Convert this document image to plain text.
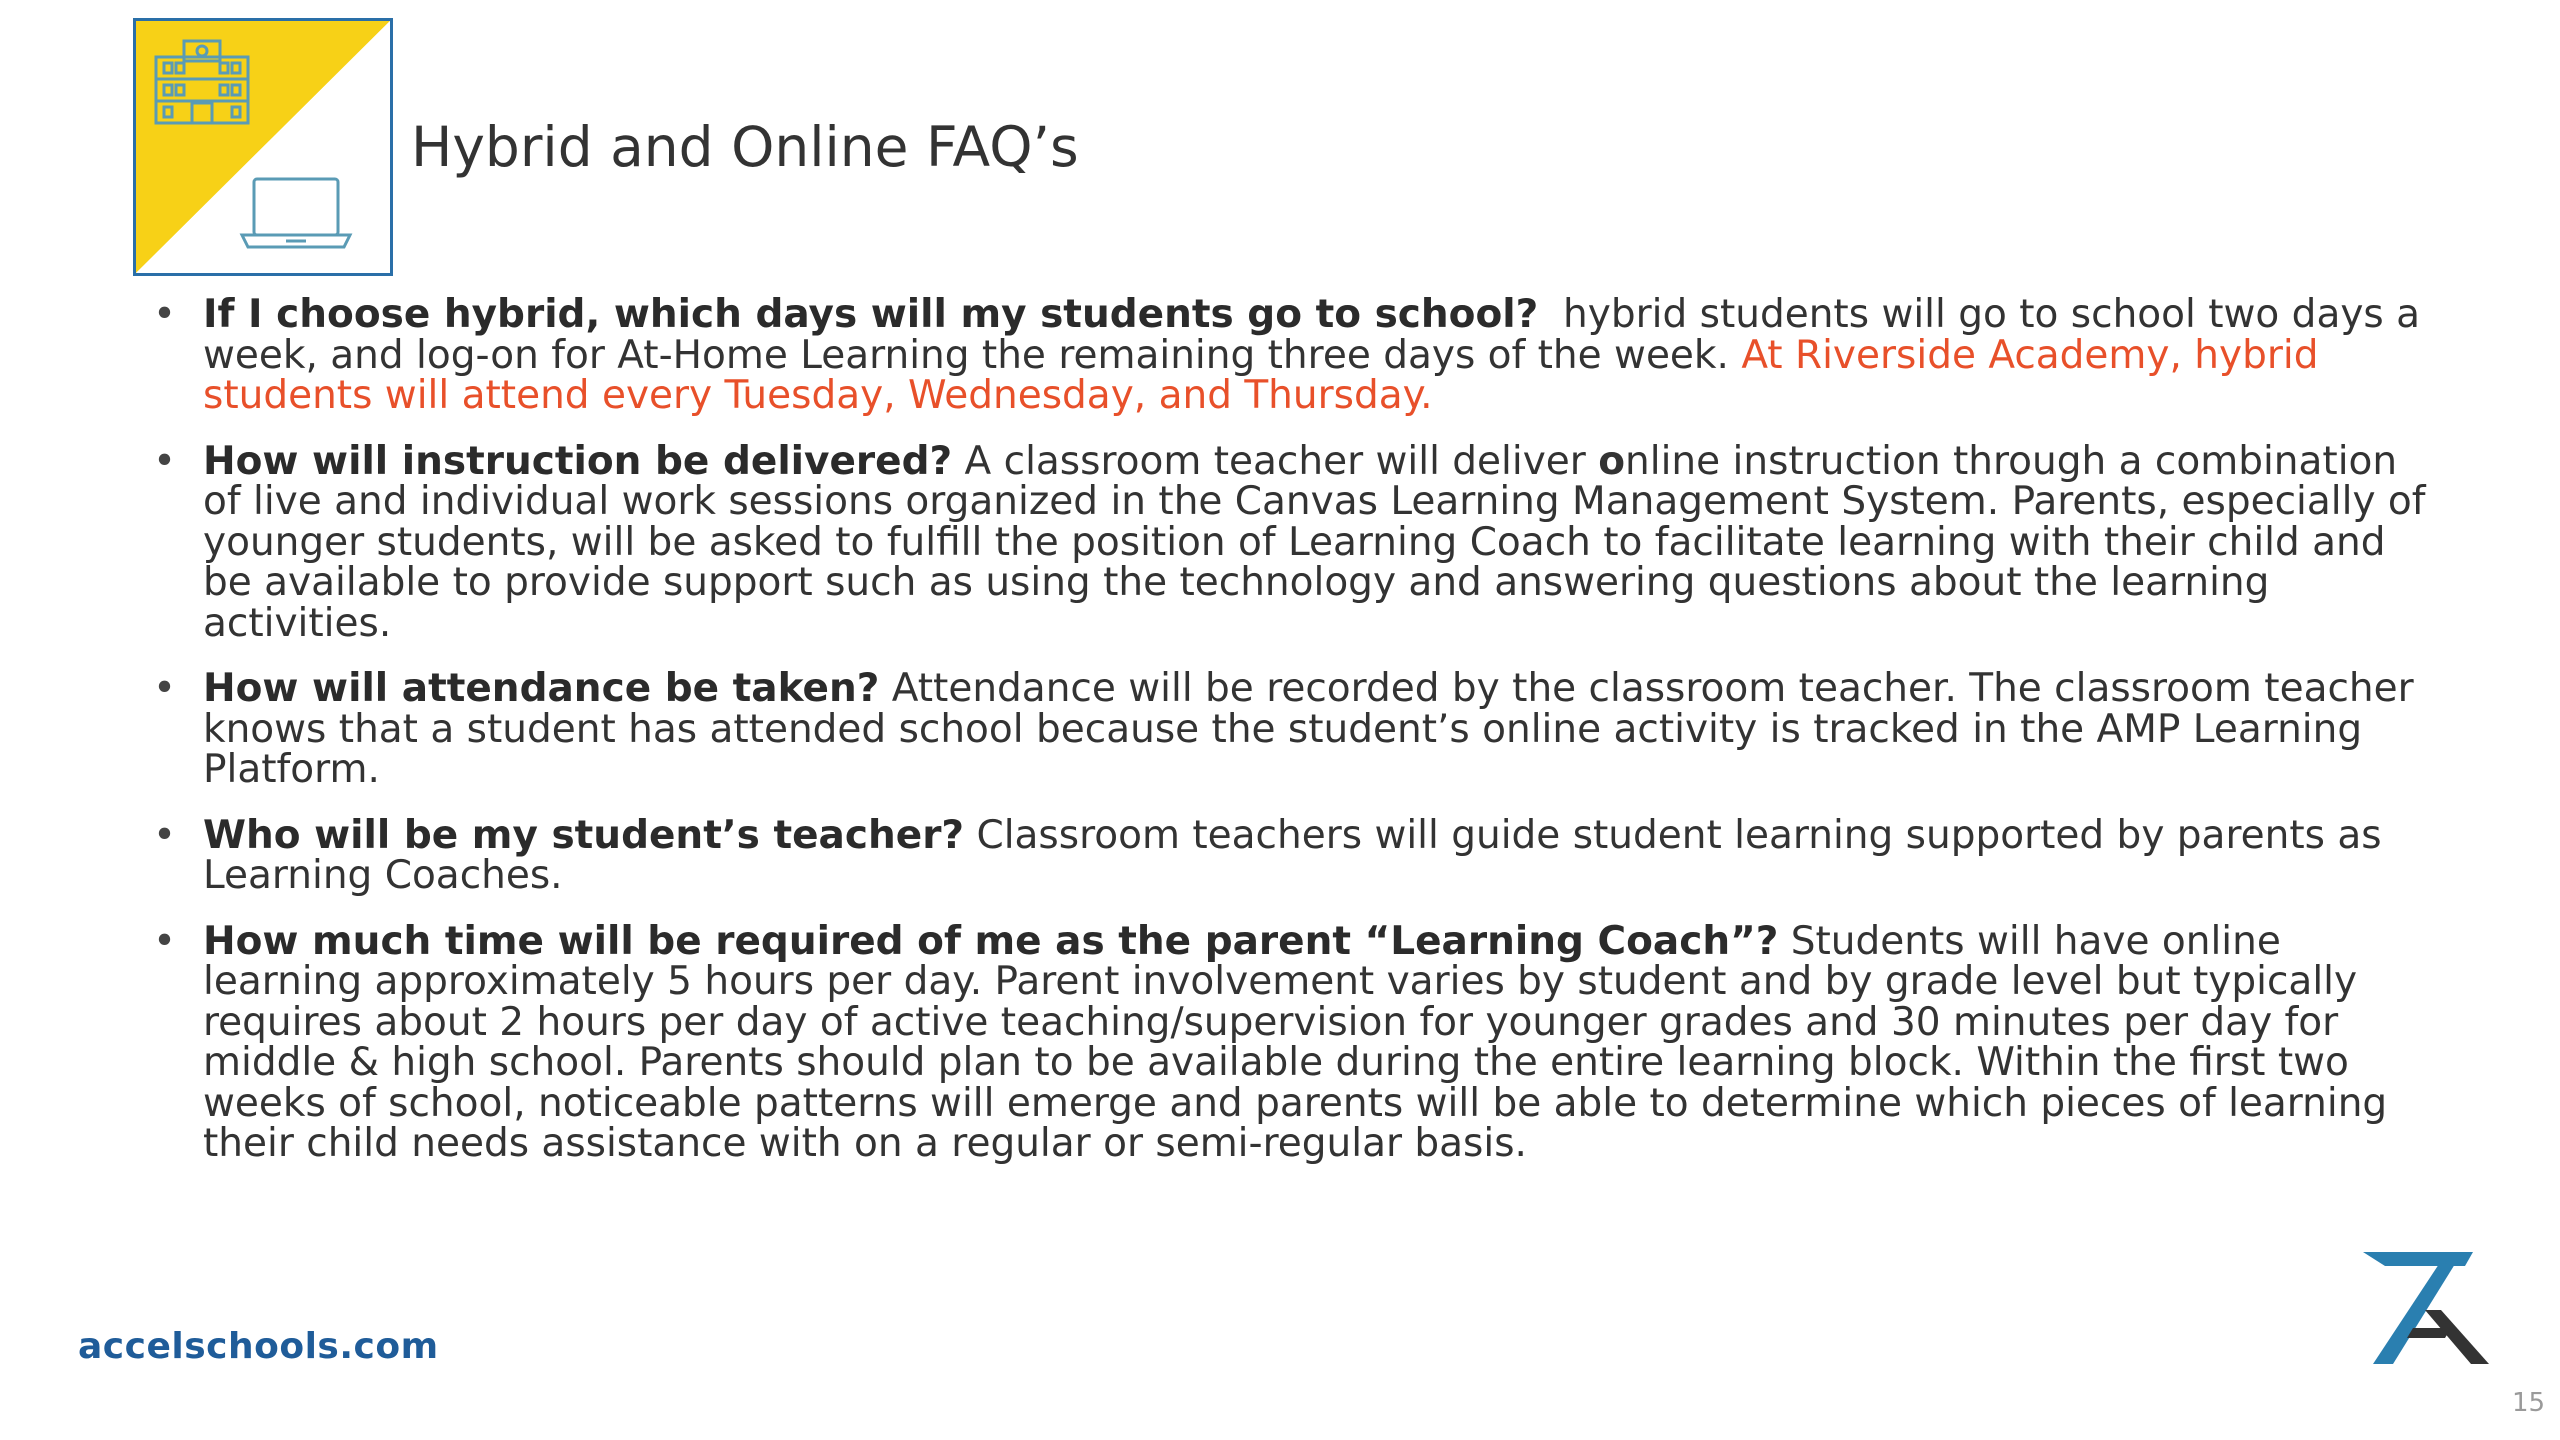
Hybrid and Online FAQ’s
• If I choose hybrid, which days will my students go to school?  hybrid students will go to school two days a week, and log-on for At-Home Learning the remaining three days of the week. At Riverside Academy, hybrid students will attend every Tuesday, Wednesday, and Thursday.
• How will instruction be delivered? A classroom teacher will deliver online instruction through a combination of live and individual work sessions organized in the Canvas Learning Management System. Parents, especially of younger students, will be asked to fulfill the position of Learning Coach to facilitate learning with their child and be available to provide support such as using the technology and answering questions about the learning activities.
• How will attendance be taken? Attendance will be recorded by the classroom teacher. The classroom teacher knows that a student has attended school because the student’s online activity is tracked in the AMP Learning Platform.
• Who will be my student’s teacher? Classroom teachers will guide student learning supported by parents as Learning Coaches.
• How much time will be required of me as the parent “Learning Coach”? Students will have online learning approximately 5 hours per day. Parent involvement varies by student and by grade level but typically requires about 2 hours per day of active teaching/supervision for younger grades and 30 minutes per day for middle & high school. Parents should plan to be available during the entire learning block. Within the first two weeks of school, noticeable patterns will emerge and parents will be able to determine which pieces of learning their child needs assistance with on a regular or semi-regular basis.
accelschools.com
15
